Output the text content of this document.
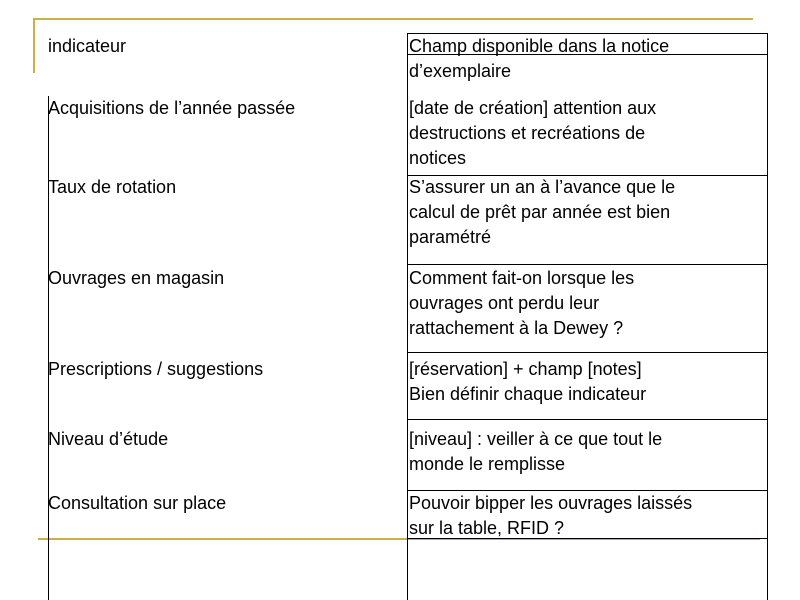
indicateur	Champ disponible dans la notice
d’exemplaire
Acquisitions de l’année passée	[date de création] attention aux
destructions et recréations de
notices
Taux de rotation	S’assurer un an à l’avance que le
calcul de prêt par année est bien
paramétré
Ouvrages en magasin	Comment fait-on lorsque les
ouvrages ont perdu leur
rattachement à la Dewey ?
Prescriptions / suggestions	[réservation] + champ [notes]
Bien définir chaque indicateur
Niveau d’étude	[niveau] : veiller à ce que tout le
monde le remplisse
Consultation sur place	Pouvoir bipper les ouvrages laissés
sur la table, RFID ?
